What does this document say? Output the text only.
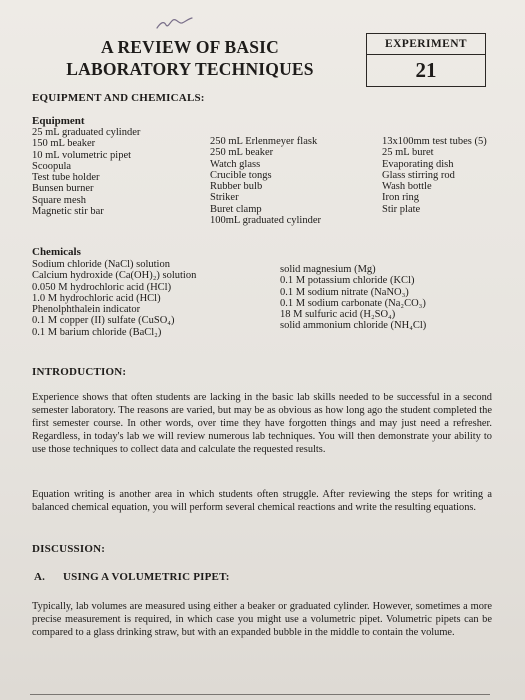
A REVIEW OF BASIC
LABORATORY TECHNIQUES
EXPERIMENT
21
EQUIPMENT AND CHEMICALS:
Equipment
25 mL graduated cylinder
150 mL beaker
10 mL volumetric pipet
Scoopula
Test tube holder
Bunsen burner
Square mesh
Magnetic stir bar
250 mL Erlenmeyer flask
250 mL beaker
Watch glass
Crucible tongs
Rubber bulb
Striker
Buret clamp
100mL graduated cylinder
13x100mm test tubes (5)
25 mL buret
Evaporating dish
Glass stirring rod
Wash bottle
Iron ring
Stir plate
Chemicals
Sodium chloride (NaCl) solution
Calcium hydroxide (Ca(OH)₂) solution
0.050 M hydrochloric acid (HCl)
1.0 M hydrochloric acid (HCl)
Phenolphthalein indicator
0.1 M copper (II) sulfate (CuSO₄)
0.1 M barium chloride (BaCl₂)
solid magnesium (Mg)
0.1 M potassium chloride (KCl)
0.1 M sodium nitrate (NaNO₃)
0.1 M sodium carbonate (Na₂CO₃)
18 M sulfuric acid (H₂SO₄)
solid ammonium chloride (NH₄Cl)
INTRODUCTION:
Experience shows that often students are lacking in the basic lab skills needed to be successful in a second semester laboratory. The reasons are varied, but may be as obvious as how long ago the student completed the first semester course. In other words, over time they have forgotten things and may just need a refresher. Regardless, in today's lab we will review numerous lab techniques. You will then demonstrate your ability to use those techniques to collect data and calculate the requested results.
Equation writing is another area in which students often struggle. After reviewing the steps for writing a balanced chemical equation, you will perform several chemical reactions and write the resulting equations.
DISCUSSION:
A. USING A VOLUMETRIC PIPET:
Typically, lab volumes are measured using either a beaker or graduated cylinder. However, sometimes a more precise measurement is required, in which case you might use a volumetric pipet. Volumetric pipets can be compared to a glass drinking straw, but with an expanded bubble in the middle to contain the volume.
